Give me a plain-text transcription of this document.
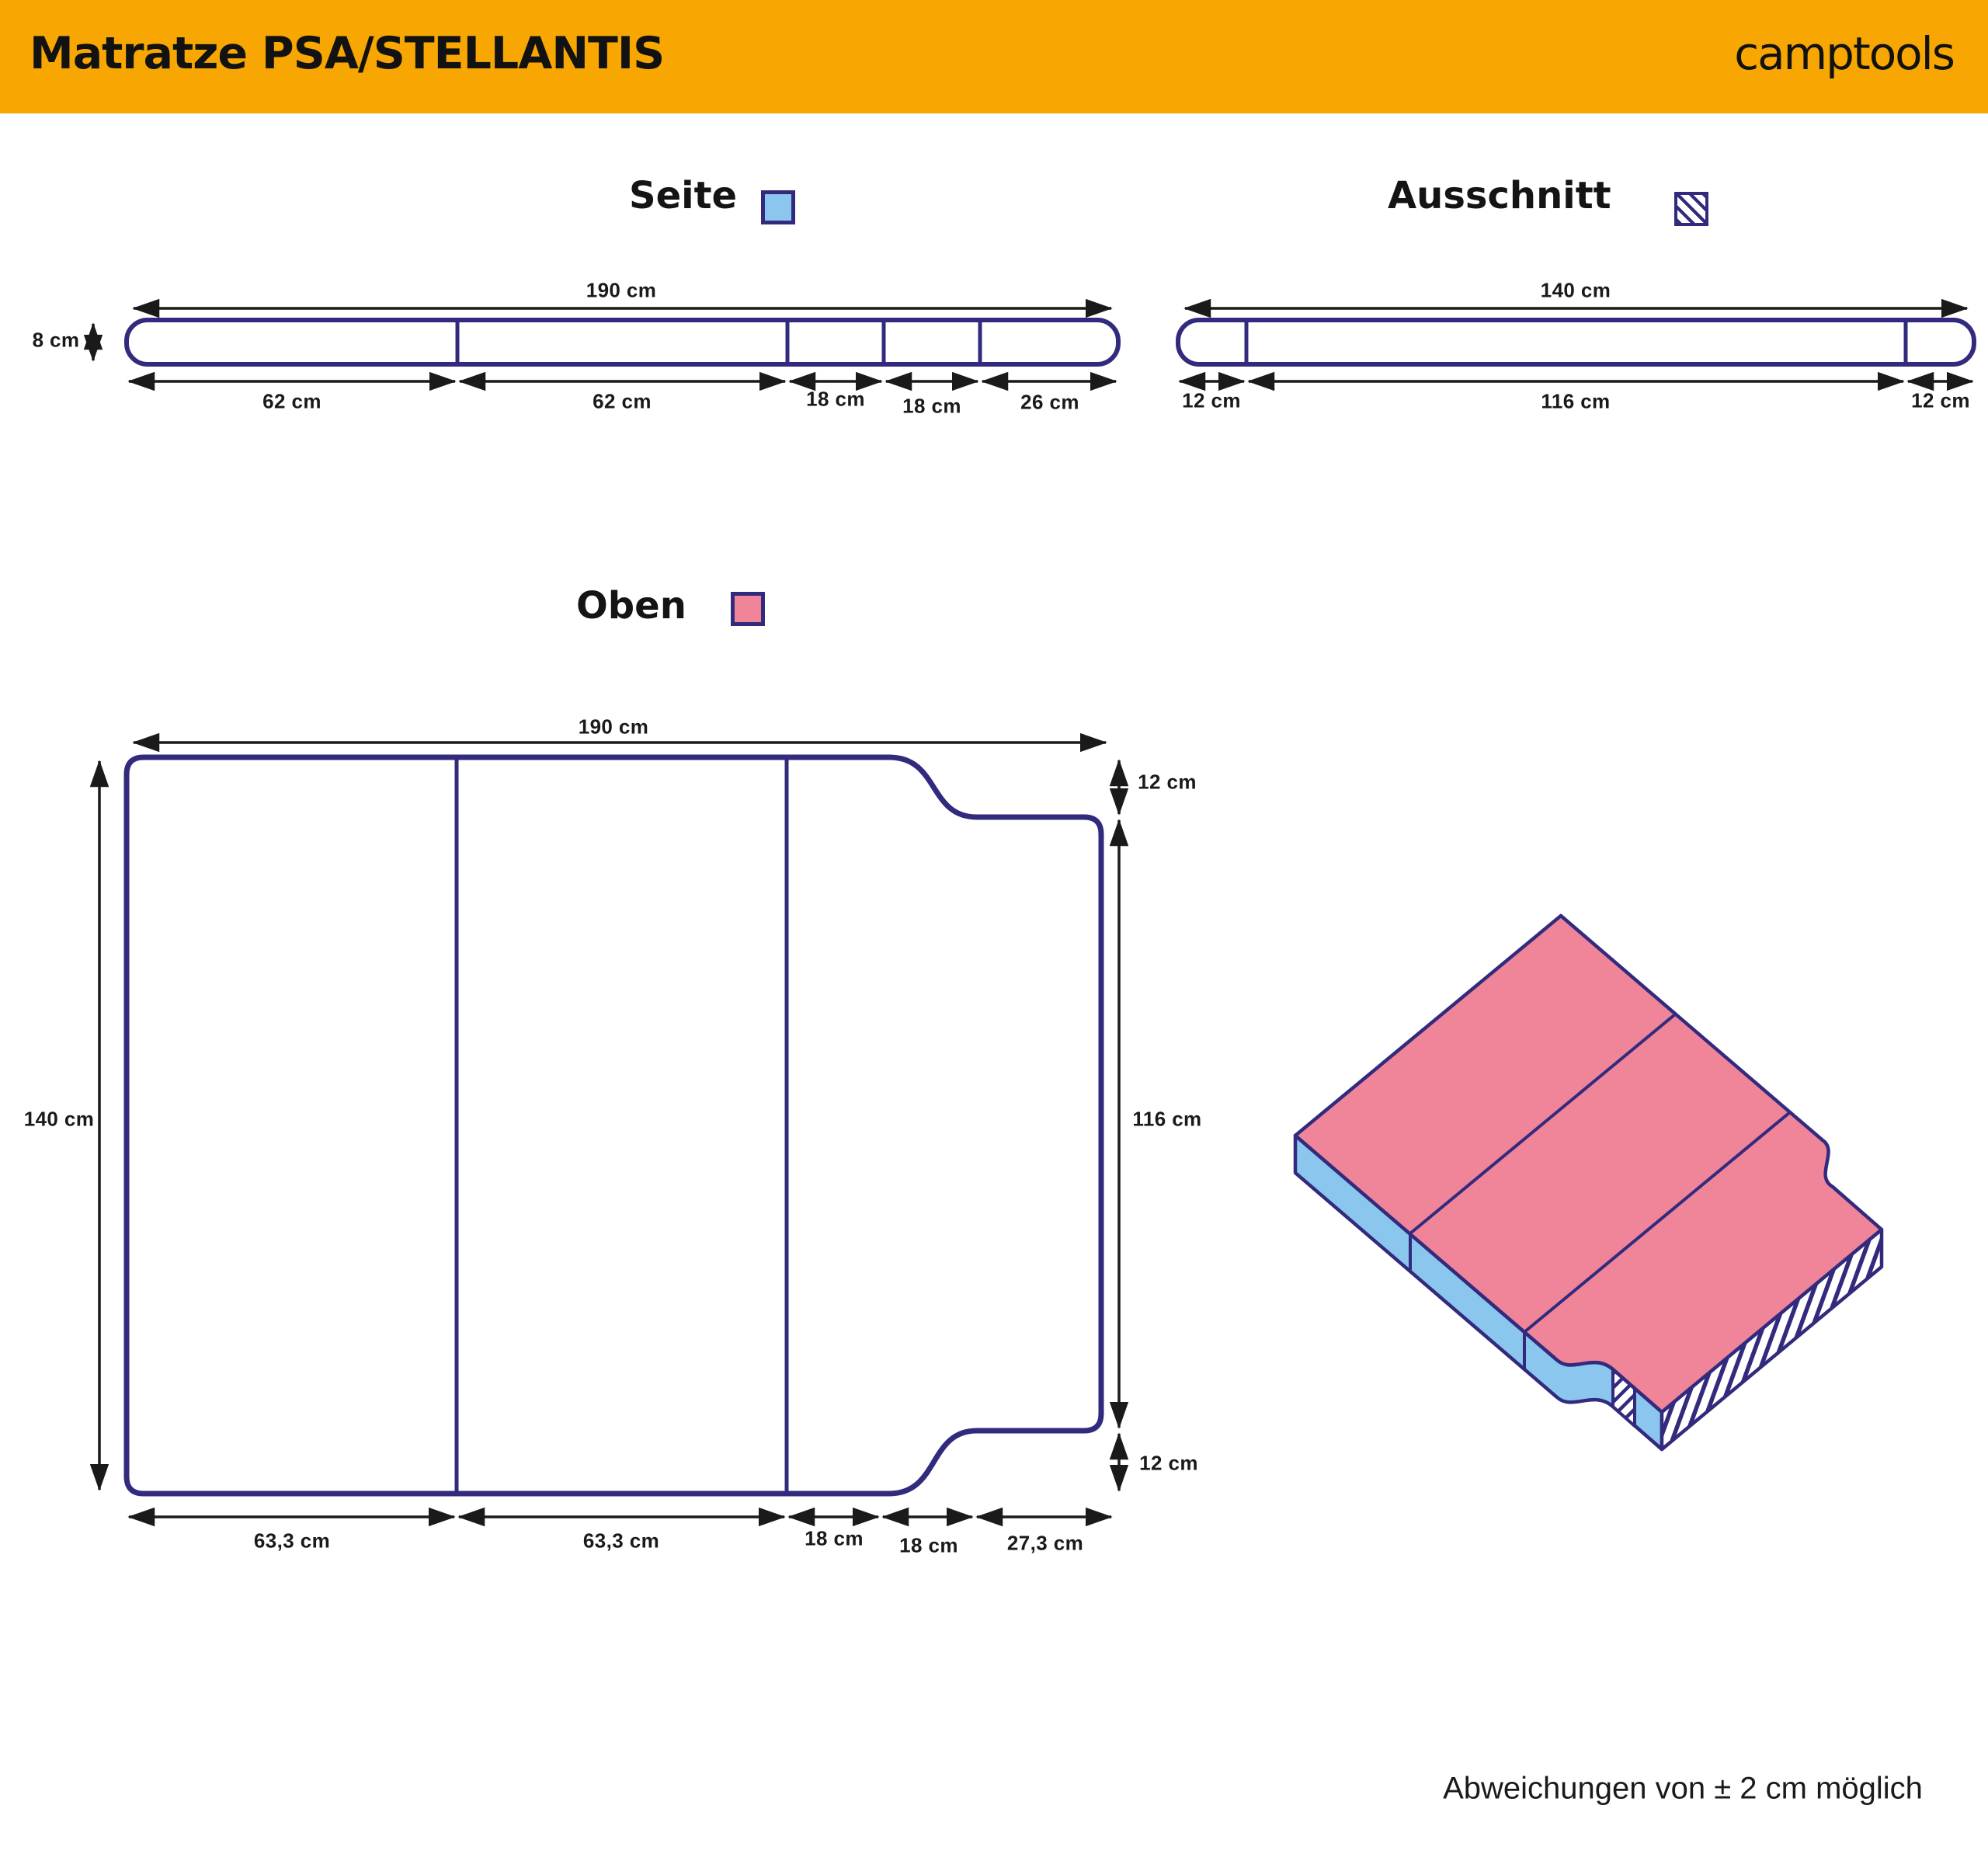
Matratze PSA/STELLANTIS	camptools
Seite	Ausschnitt
Oben
190 cm
8 cm
62 cm	62 cm	18 cm 18 cm	26 cm
140 cm
12 cm	116 cm	12 cm
190 cm
140 cm
12 cm
116 cm
12 cm
63,3 cm	63,3 cm	18 cm 18 cm 27,3 cm
Abweichungen von ± 2 cm möglich
